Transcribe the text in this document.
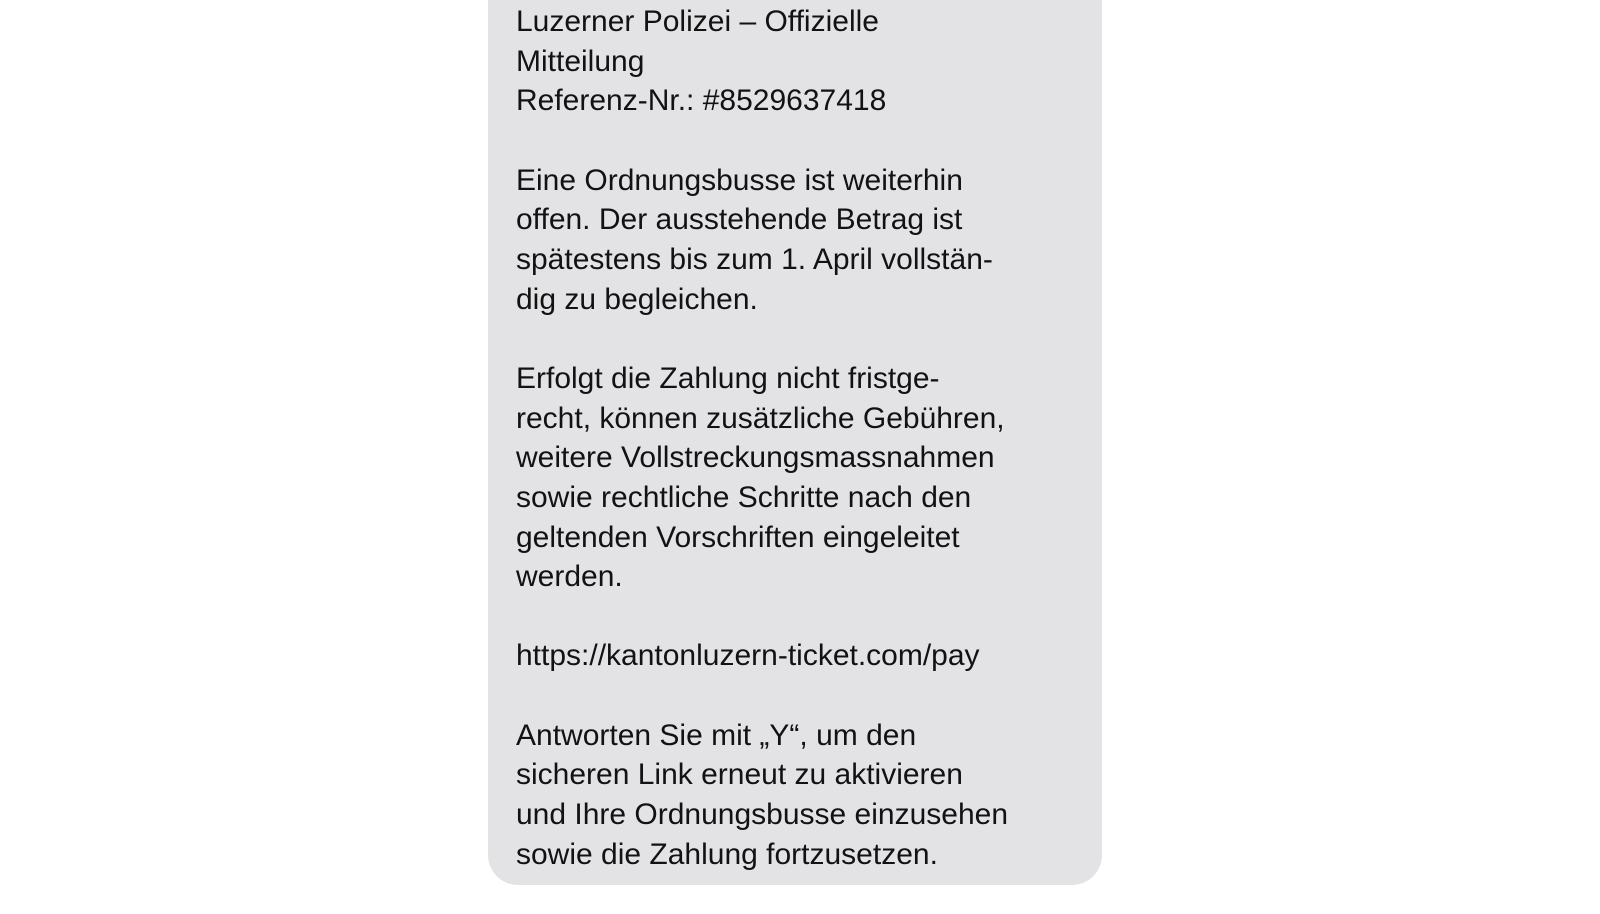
Luzerner Polizei – Offizielle
Mitteilung
Referenz-Nr.: #8529637418
Eine Ordnungsbusse ist weiterhin
offen. Der ausstehende Betrag ist
spätestens bis zum 1. April vollstän-
dig zu begleichen.
Erfolgt die Zahlung nicht fristge-
recht, können zusätzliche Gebühren,
weitere Vollstreckungsmassnahmen
sowie rechtliche Schritte nach den
geltenden Vorschriften eingeleitet
werden.
https://kantonluzern-ticket.com/pay
Antworten Sie mit „Y“, um den
sicheren Link erneut zu aktivieren
und Ihre Ordnungsbusse einzusehen
sowie die Zahlung fortzusetzen.
